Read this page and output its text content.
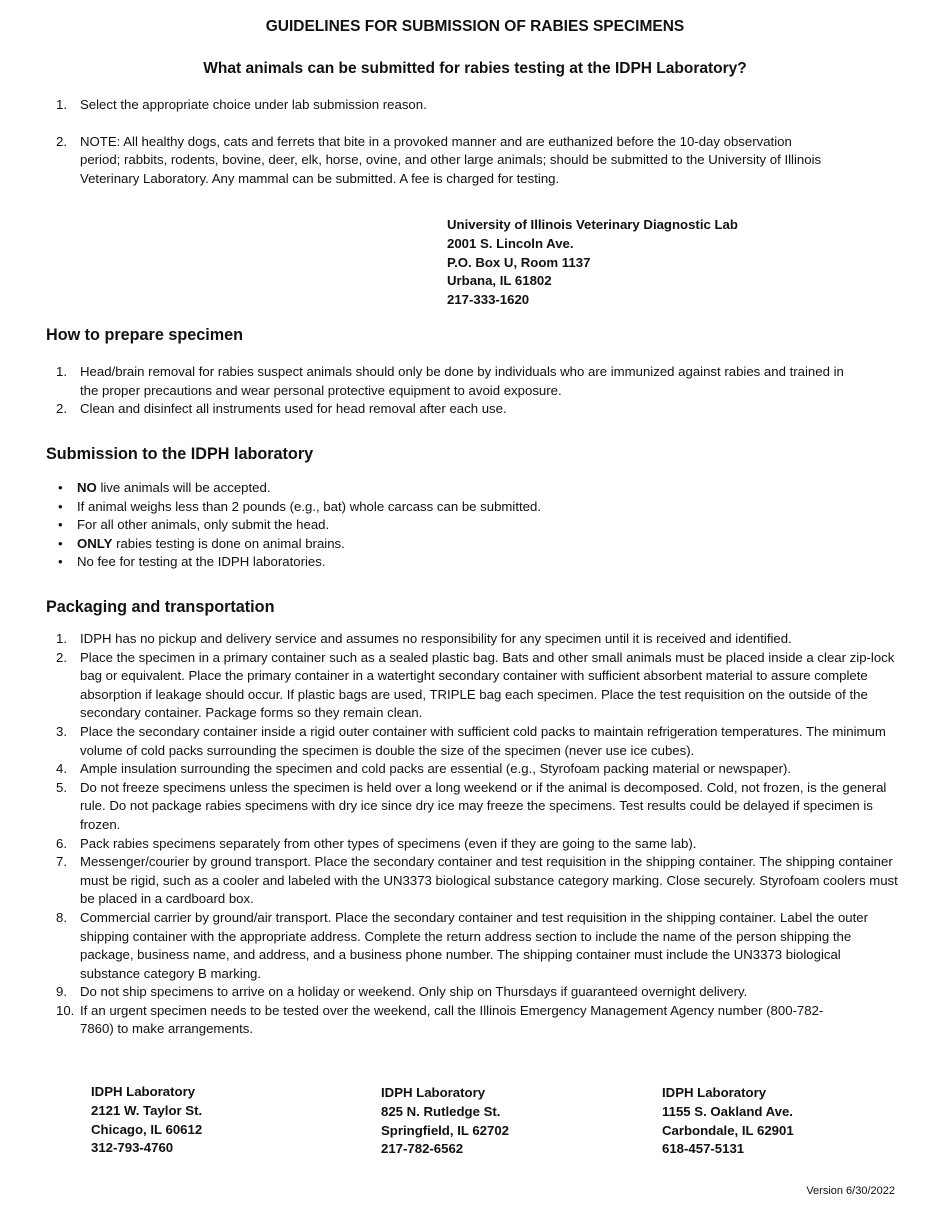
GUIDELINES FOR SUBMISSION OF RABIES SPECIMENS
What animals can be submitted for rabies testing at the IDPH Laboratory?
1. Select the appropriate choice under lab submission reason.
2. NOTE: All healthy dogs, cats and ferrets that bite in a provoked manner and are euthanized before the 10-day observation period; rabbits, rodents, bovine, deer, elk, horse, ovine, and other large animals; should be submitted to the University of Illinois Veterinary Laboratory. Any mammal can be submitted. A fee is charged for testing.
University of Illinois Veterinary Diagnostic Lab
2001 S. Lincoln Ave.
P.O. Box U, Room 1137
Urbana, IL 61802
217-333-1620
How to prepare specimen
1. Head/brain removal for rabies suspect animals should only be done by individuals who are immunized against rabies and trained in the proper precautions and wear personal protective equipment to avoid exposure.
2. Clean and disinfect all instruments used for head removal after each use.
Submission to the IDPH laboratory
• NO live animals will be accepted.
• If animal weighs less than 2 pounds (e.g., bat) whole carcass can be submitted.
• For all other animals, only submit the head.
• ONLY rabies testing is done on animal brains.
• No fee for testing at the IDPH laboratories.
Packaging and transportation
1. IDPH has no pickup and delivery service and assumes no responsibility for any specimen until it is received and identified.
2. Place the specimen in a primary container such as a sealed plastic bag. Bats and other small animals must be placed inside a clear zip-lock bag or equivalent. Place the primary container in a watertight secondary container with sufficient absorbent material to assure complete absorption if leakage should occur. If plastic bags are used, TRIPLE bag each specimen. Place the test requisition on the outside of the secondary container. Package forms so they remain clean.
3. Place the secondary container inside a rigid outer container with sufficient cold packs to maintain refrigeration temperatures. The minimum volume of cold packs surrounding the specimen is double the size of the specimen (never use ice cubes).
4. Ample insulation surrounding the specimen and cold packs are essential (e.g., Styrofoam packing material or newspaper).
5. Do not freeze specimens unless the specimen is held over a long weekend or if the animal is decomposed. Cold, not frozen, is the general rule. Do not package rabies specimens with dry ice since dry ice may freeze the specimens. Test results could be delayed if specimen is frozen.
6. Pack rabies specimens separately from other types of specimens (even if they are going to the same lab).
7. Messenger/courier by ground transport. Place the secondary container and test requisition in the shipping container. The shipping container must be rigid, such as a cooler and labeled with the UN3373 biological substance category marking. Close securely. Styrofoam coolers must be placed in a cardboard box.
8. Commercial carrier by ground/air transport. Place the secondary container and test requisition in the shipping container. Label the outer shipping container with the appropriate address. Complete the return address section to include the name of the person shipping the package, business name, and address, and a business phone number. The shipping container must include the UN3373 biological substance category B marking.
9. Do not ship specimens to arrive on a holiday or weekend. Only ship on Thursdays if guaranteed overnight delivery.
10. If an urgent specimen needs to be tested over the weekend, call the Illinois Emergency Management Agency number (800-782-7860) to make arrangements.
IDPH Laboratory
2121 W. Taylor St.
Chicago, IL 60612
312-793-4760
IDPH Laboratory
825 N. Rutledge St.
Springfield, IL 62702
217-782-6562
IDPH Laboratory
1155 S. Oakland Ave.
Carbondale, IL 62901
618-457-5131
Version 6/30/2022
